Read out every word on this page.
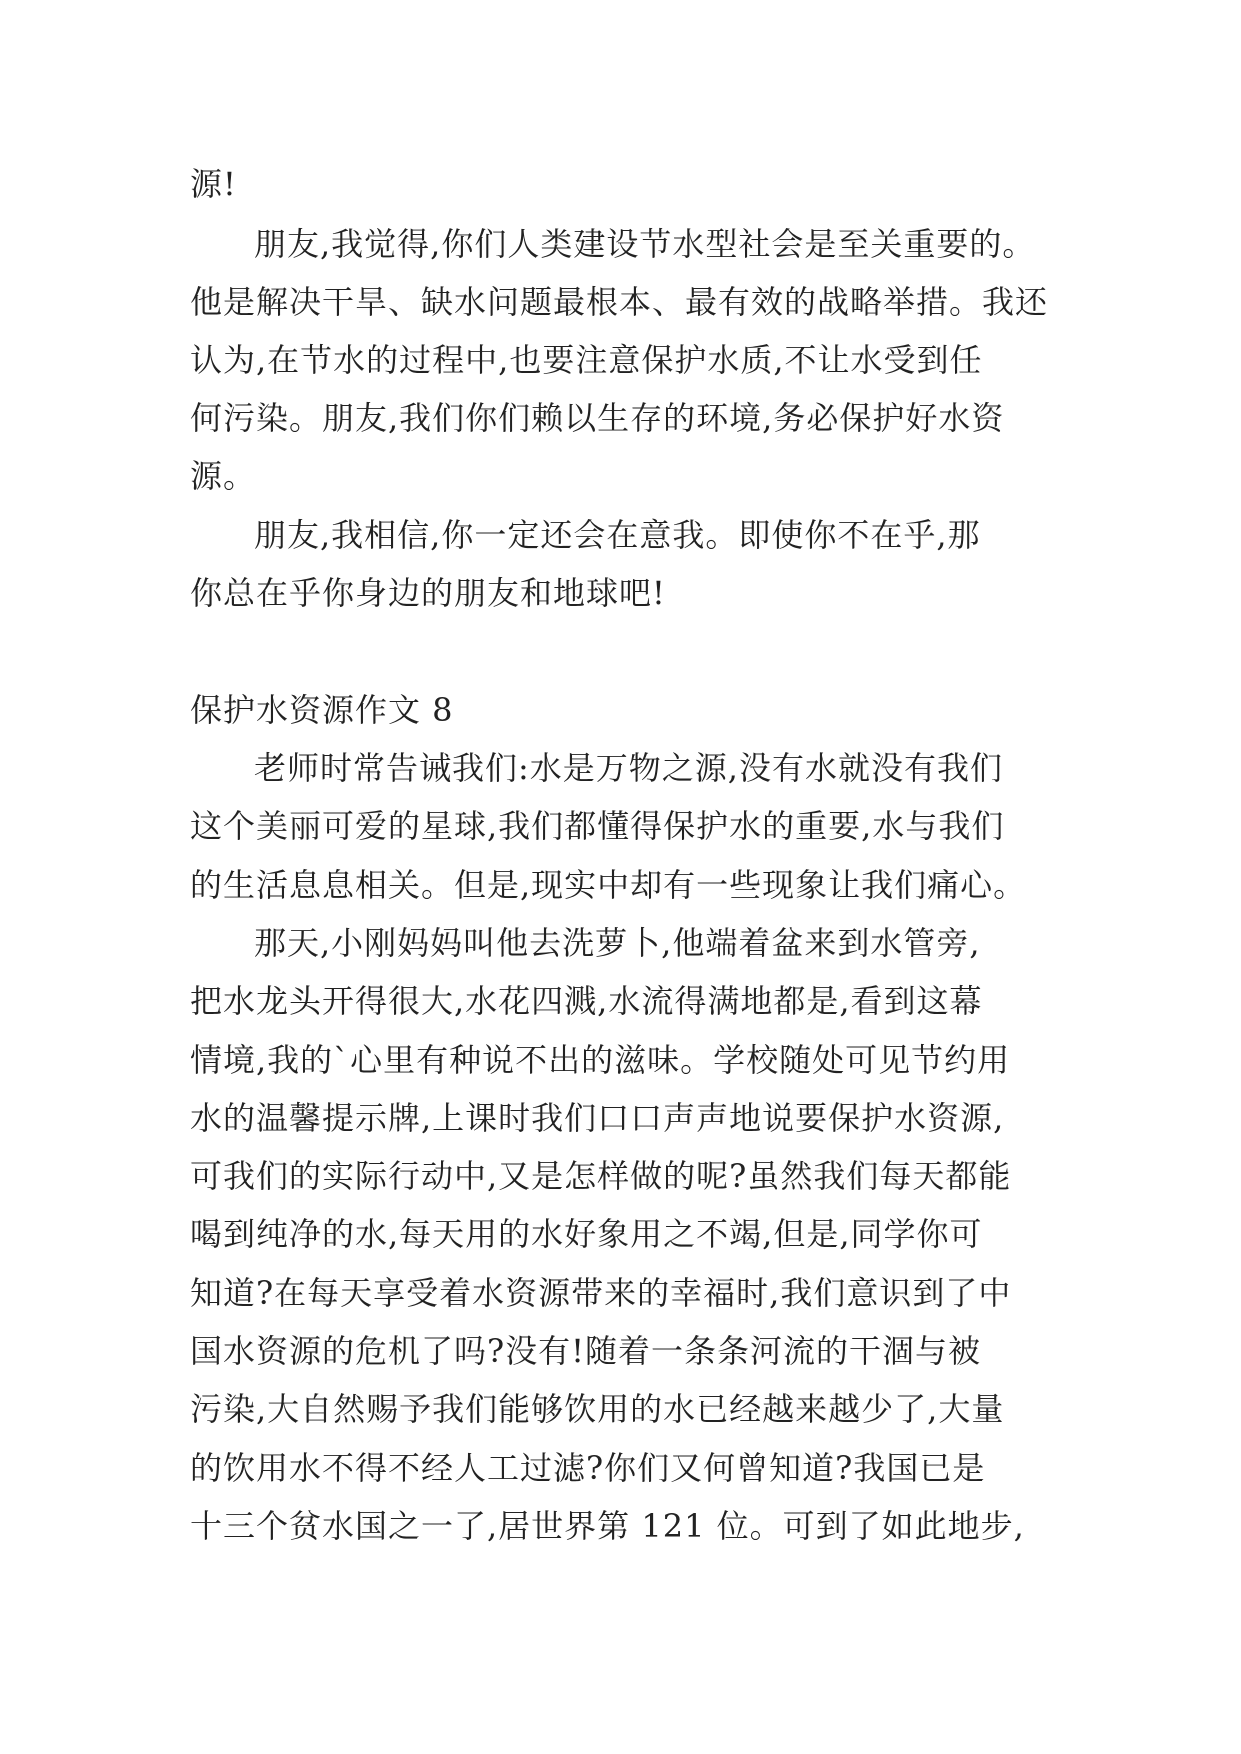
源!
朋友,我觉得,你们人类建设节水型社会是至关重要的。
他是解决干旱、缺水问题最根本、最有效的战略举措。我还
认为,在节水的过程中,也要注意保护水质,不让水受到任
何污染。朋友,我们你们赖以生存的环境,务必保护好水资
源。
朋友,我相信,你一定还会在意我。即使你不在乎,那
你总在乎你身边的朋友和地球吧!
保护水资源作文 8
老师时常告诫我们:水是万物之源,没有水就没有我们
这个美丽可爱的星球,我们都懂得保护水的重要,水与我们
的生活息息相关。但是,现实中却有一些现象让我们痛心。
那天,小刚妈妈叫他去洗萝卜,他端着盆来到水管旁,
把水龙头开得很大,水花四溅,水流得满地都是,看到这幕
情境,我的`心里有种说不出的滋味。学校随处可见节约用
水的温馨提示牌,上课时我们口口声声地说要保护水资源,
可我们的实际行动中,又是怎样做的呢?虽然我们每天都能
喝到纯净的水,每天用的水好象用之不竭,但是,同学你可
知道?在每天享受着水资源带来的幸福时,我们意识到了中
国水资源的危机了吗?没有!随着一条条河流的干涸与被
污染,大自然赐予我们能够饮用的水已经越来越少了,大量
的饮用水不得不经人工过滤?你们又何曾知道?我国已是
十三个贫水国之一了,居世界第 121 位。可到了如此地步,
